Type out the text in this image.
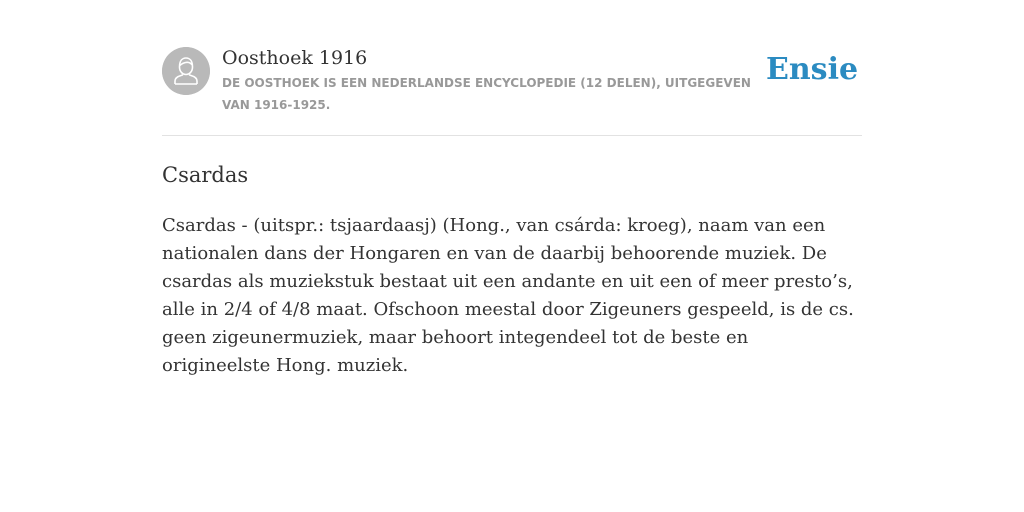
Oosthoek 1916
DE OOSTHOEK IS EEN NEDERLANDSE ENCYCLOPEDIE (12 DELEN), UITGEGEVEN VAN 1916-1925.
Ensie
Csardas

Csardas - (uitspr.: tsjaardaasj) (Hong., van csárda: kroeg), naam van een nationalen dans der Hongaren en van de daarbij behoorende muziek. De csardas als muziekstuk bestaat uit een andante en uit een of meer presto’s, alle in 2/4 of 4/8 maat. Ofschoon meestal door Zigeuners gespeeld, is de cs. geen zigeunermuziek, maar behoort integendeel tot de beste en origineelste Hong. muziek.
